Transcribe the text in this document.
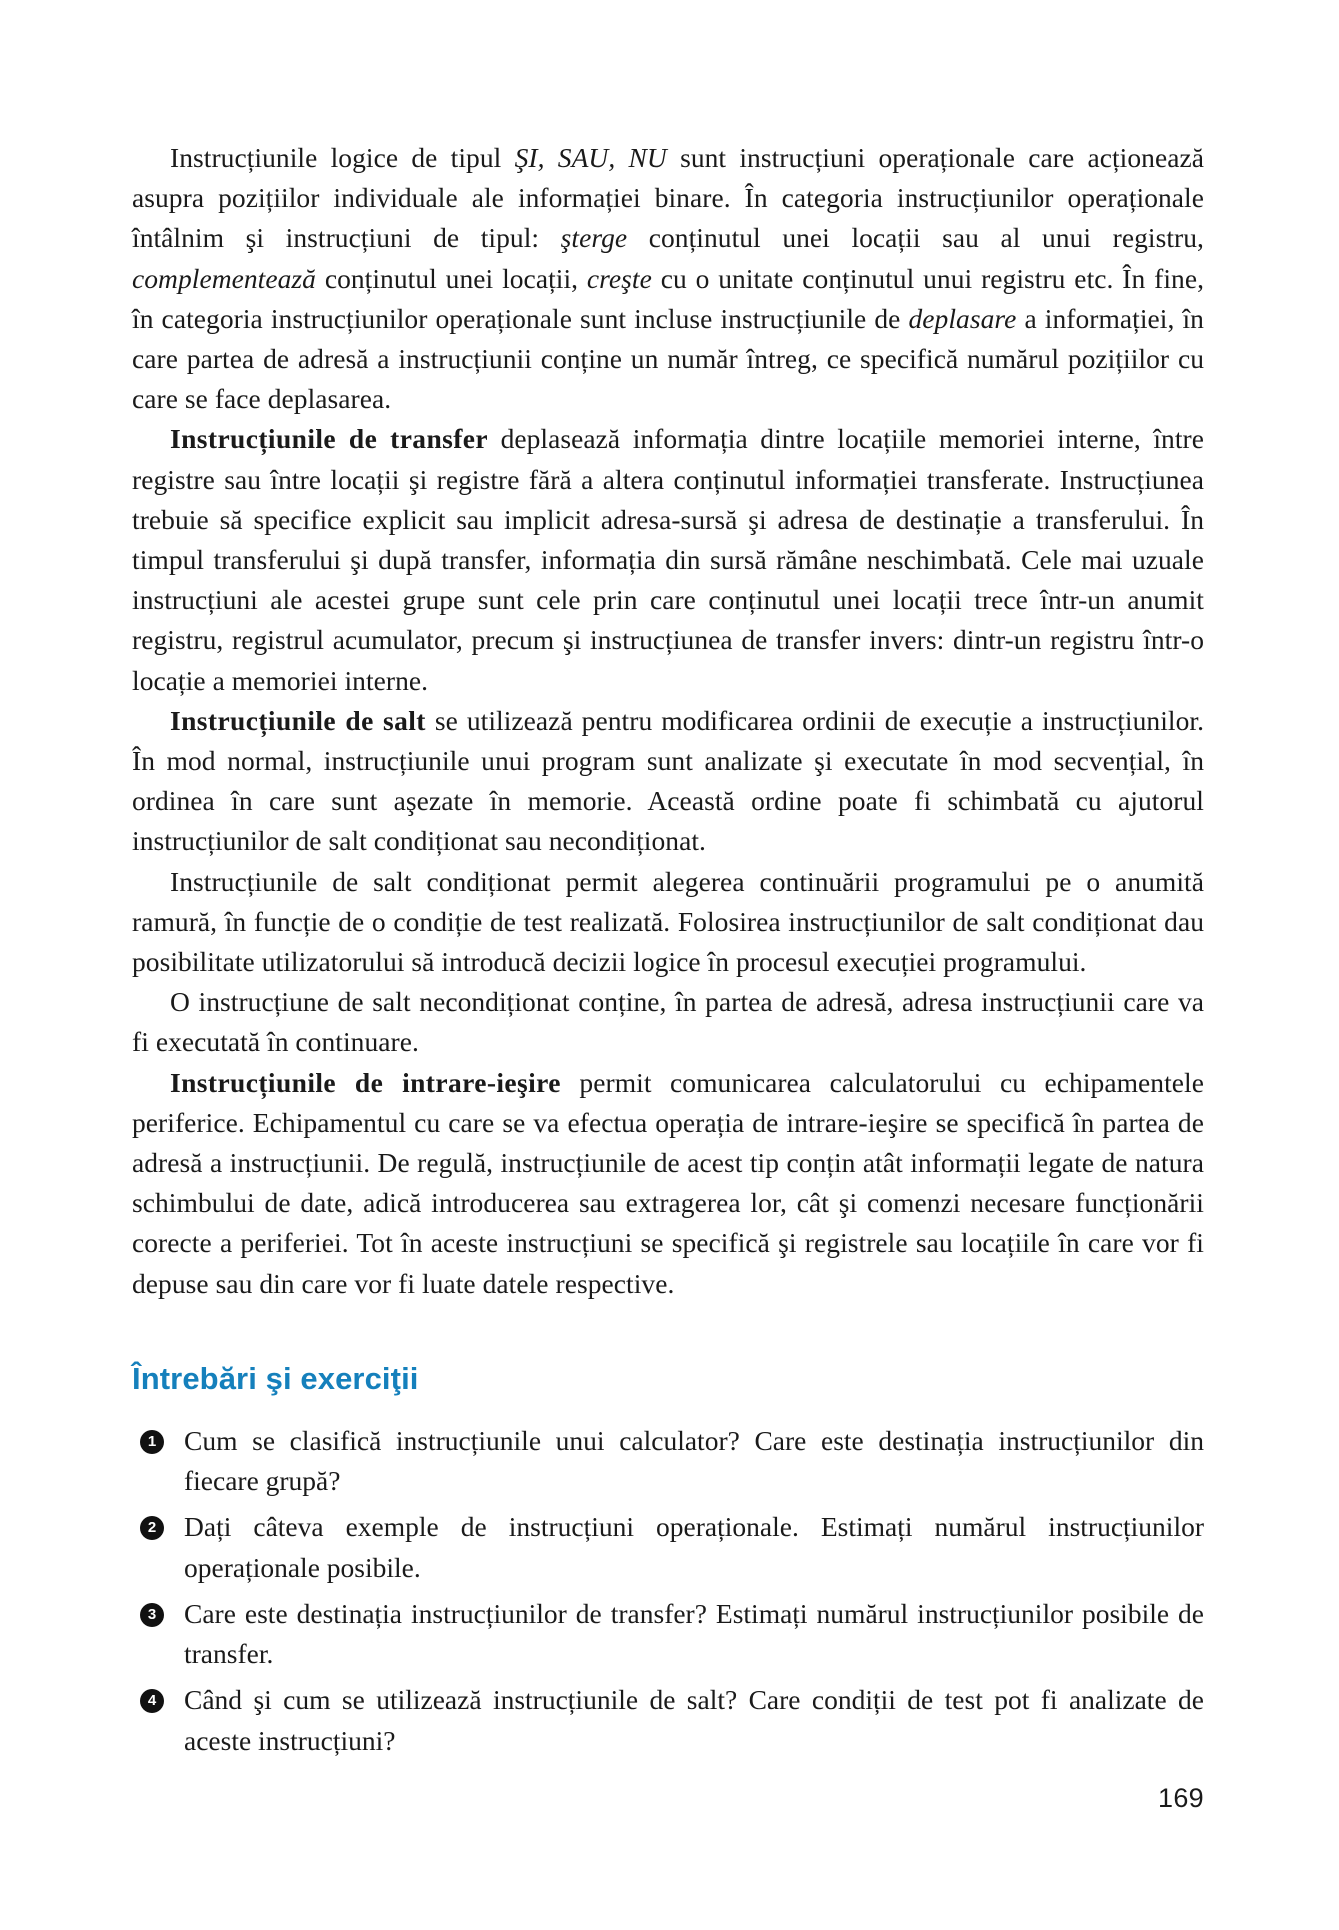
Instrucțiunile logice de tipul ŞI, SAU, NU sunt instrucțiuni operaționale care acționează asupra pozițiilor individuale ale informației binare. În categoria instrucțiunilor operaționale întâlnim şi instrucțiuni de tipul: şterge conținutul unei locații sau al unui registru, complementează conținutul unei locații, creşte cu o unitate conținutul unui registru etc. În fine, în categoria instrucțiunilor operaționale sunt incluse instrucțiunile de deplasare a informației, în care partea de adresă a instrucțiunii conține un număr întreg, ce specifică numărul pozițiilor cu care se face deplasarea.

Instrucțiunile de transfer deplasează informația dintre locațiile memoriei interne, între registre sau între locații şi registre fără a altera conținutul informației transferate. Instrucțiunea trebuie să specifice explicit sau implicit adresa-sursă şi adresa de destinație a transferului. În timpul transferului şi după transfer, informația din sursă rămâne neschimbată. Cele mai uzuale instrucțiuni ale acestei grupe sunt cele prin care conținutul unei locații trece într-un anumit registru, registrul acumulator, precum şi instrucțiunea de transfer invers: dintr-un registru într-o locație a memoriei interne.

Instrucțiunile de salt se utilizează pentru modificarea ordinii de execuție a instrucțiunilor. În mod normal, instrucțiunile unui program sunt analizate şi executate în mod secvențial, în ordinea în care sunt aşezate în memorie. Această ordine poate fi schimbată cu ajutorul instrucțiunilor de salt condiționat sau necondiționat.

Instrucțiunile de salt condiționat permit alegerea continuării programului pe o anumită ramură, în funcție de o condiție de test realizată. Folosirea instrucțiunilor de salt condiționat dau posibilitate utilizatorului să introducă decizii logice în procesul execuției programului.

O instrucțiune de salt necondiționat conține, în partea de adresă, adresa instrucțiunii care va fi executată în continuare.

Instrucțiunile de intrare-ieşire permit comunicarea calculatorului cu echipamentele periferice. Echipamentul cu care se va efectua operația de intrare-ieşire se specifică în partea de adresă a instrucțiunii. De regulă, instrucțiunile de acest tip conțin atât informații legate de natura schimbului de date, adică introducerea sau extragerea lor, cât şi comenzi necesare funcționării corecte a periferiei. Tot în aceste instrucțiuni se specifică şi registrele sau locațiile în care vor fi depuse sau din care vor fi luate datele respective.

Întrebări şi exerciţii
1 Cum se clasifică instrucțiunile unui calculator? Care este destinația instrucțiunilor din fiecare grupă?
2 Dați câteva exemple de instrucțiuni operaționale. Estimați numărul instrucțiunilor operaționale posibile.
3 Care este destinația instrucțiunilor de transfer? Estimați numărul instrucțiunilor posibile de transfer.
4 Când şi cum se utilizează instrucțiunile de salt? Care condiții de test pot fi analizate de aceste instrucțiuni?
169
